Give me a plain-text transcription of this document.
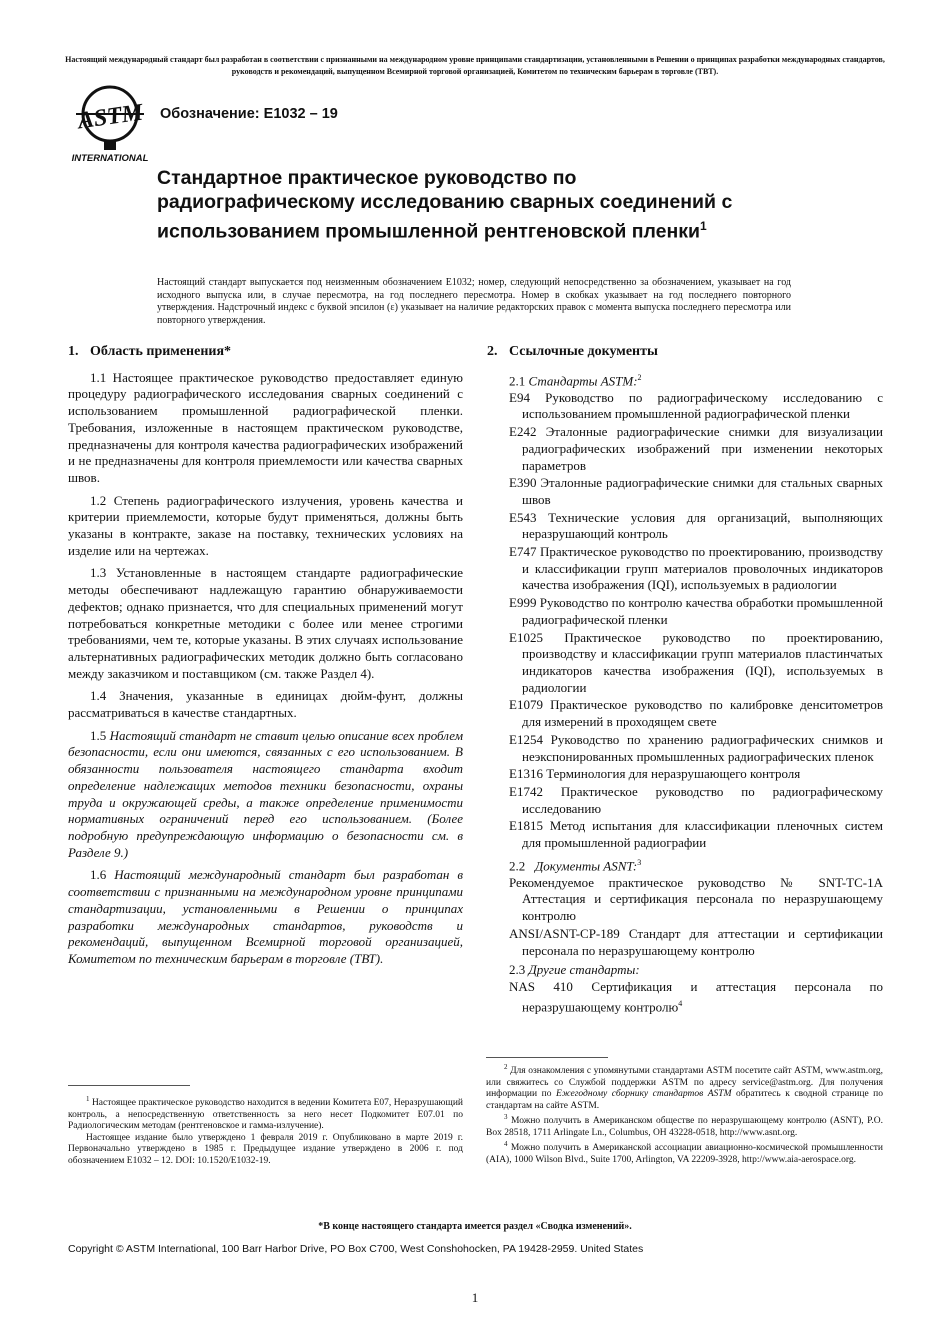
Настоящий международный стандарт был разработан в соответствии с признанными на международном уровне принципами стандартизации, установленными в Решении о принципах разработки международных стандартов, руководств и рекомендаций, выпущенном Всемирной торговой организацией, Комитетом по техническим барьерам в торговле (ТВТ).
ASTM
INTERNATIONAL
Обозначение: E1032 – 19
Стандартное практическое руководство по радиографическому исследованию сварных соединений с использованием промышленной рентгеновской пленки$^1$
Настоящий стандарт выпускается под неизменным обозначением E1032; номер, следующий непосредственно за обозначением, указывает на год исходного выпуска или, в случае пересмотра, на год последнего пересмотра. Номер в скобках указывает на год последнего повторного утверждения. Надстрочный индекс с буквой эпсилон (ε) указывает на наличие редакторских правок с момента выпуска последнего пересмотра или повторного утверждения.
1. Область применения*

1.1 Настоящее практическое руководство предоставляет единую процедуру радиографического исследования сварных соединений с использованием промышленной радиографической пленки. Требования, изложенные в настоящем практическом руководстве, предназначены для контроля качества радиографических изображений и не предназначены для контроля приемлемости или качества сварных швов.

1.2 Степень радиографического излучения, уровень качества и критерии приемлемости, которые будут применяться, должны быть указаны в контракте, заказе на поставку, технических условиях на изделие или на чертежах.

1.3 Установленные в настоящем стандарте радиографические методы обеспечивают надлежащую гарантию обнаруживаемости дефектов; однако признается, что для специальных применений могут потребоваться конкретные методики с более или менее строгими требованиями, чем те, которые указаны. В этих случаях использование альтернативных радиографических методик должно быть согласовано между заказчиком и поставщиком (см. также Раздел 4).

1.4 Значения, указанные в единицах дюйм-фунт, должны рассматриваться в качестве стандартных.

1.5 Настоящий стандарт не ставит целью описание всех проблем безопасности, если они имеются, связанных с его использованием. В обязанности пользователя настоящего стандарта входит определение надлежащих методов техники безопасности, охраны труда и окружающей среды, а также определение применимости нормативных ограничений перед его использованием. (Более подробную предупреждающую информацию о безопасности см. в Разделе 9.)

1.6 Настоящий международный стандарт был разработан в соответствии с признанными на международном уровне принципами стандартизации, установленными в Решении о принципах разработки международных стандартов, руководств и рекомендаций, выпущенном Всемирной торговой организацией, Комитетом по техническим барьерам в торговле (ТВТ).

2. Ссылочные документы
2.1 Стандарты ASTM:$^2$
E94 Руководство по радиографическому исследованию с использованием промышленной радиографической пленки
E242 Эталонные радиографические снимки для визуализации радиографических изображений при изменении некоторых параметров
E390 Эталонные радиографические снимки для стальных сварных швов
E543 Технические условия для организаций, выполняющих неразрушающий контроль
E747 Практическое руководство по проектированию, производству и классификации групп материалов проволочных индикаторов качества изображения (IQI), используемых в радиологии
E999 Руководство по контролю качества обработки промышленной радиографической пленки
E1025 Практическое руководство по проектированию, производству и классификации групп материалов пластинчатых индикаторов качества изображения (IQI), используемых в радиологии
E1079 Практическое руководство по калибровке денситометров для измерений в проходящем свете
E1254 Руководство по хранению радиографических снимков и неэкспонированных промышленных радиографических пленок
E1316 Терминология для неразрушающего контроля
E1742 Практическое руководство по радиографическому исследованию
E1815 Метод испытания для классификации пленочных систем для промышленной радиографии
2.2 Документы ASNT:$^3$
Рекомендуемое практическое руководство № SNT-TC-1A Аттестация и сертификация персонала по неразрушающему контролю
ANSI/ASNT-CP-189 Стандарт для аттестации и сертификации персонала по неразрушающему контролю
2.3 Другие стандарты:
NAS 410 Сертификация и аттестация персонала по неразрушающему контролю$^4$

$^1$ Настоящее практическое руководство находится в ведении Комитета E07, Неразрушающий контроль, а непосредственную ответственность за него несет Подкомитет E07.01 по Радиологическим методам (рентгеновское и гамма-излучение).

Настоящее издание было утверждено 1 февраля 2019 г. Опубликовано в марте 2019 г. Первоначально утверждено в 1985 г. Предыдущее издание утверждено в 2006 г. под обозначением E1032 – 12. DOI: 10.1520/E1032-19.

$^2$ Для ознакомления с упомянутыми стандартами ASTM посетите сайт ASTM, www.astm.org, или свяжитесь со Службой поддержки ASTM по адресу service@astm.org. Для получения информации по Ежегодному сборнику стандартов ASTM обратитесь к сводной странице по стандартам на сайте ASTM.

$^3$ Можно получить в Американском обществе по неразрушающему контролю (ASNT), P.O. Box 28518, 1711 Arlingate Ln., Columbus, OH 43228-0518, http://www.asnt.org.

$^4$ Можно получить в Американской ассоциации авиационно-космической промышленности (AIA), 1000 Wilson Blvd., Suite 1700, Arlington, VA 22209-3928, http://www.aia-aerospace.org.

*В конце настоящего стандарта имеется раздел «Сводка изменений».
Copyright © ASTM International, 100 Barr Harbor Drive, PO Box C700, West Conshohocken, PA 19428-2959. United States
1
